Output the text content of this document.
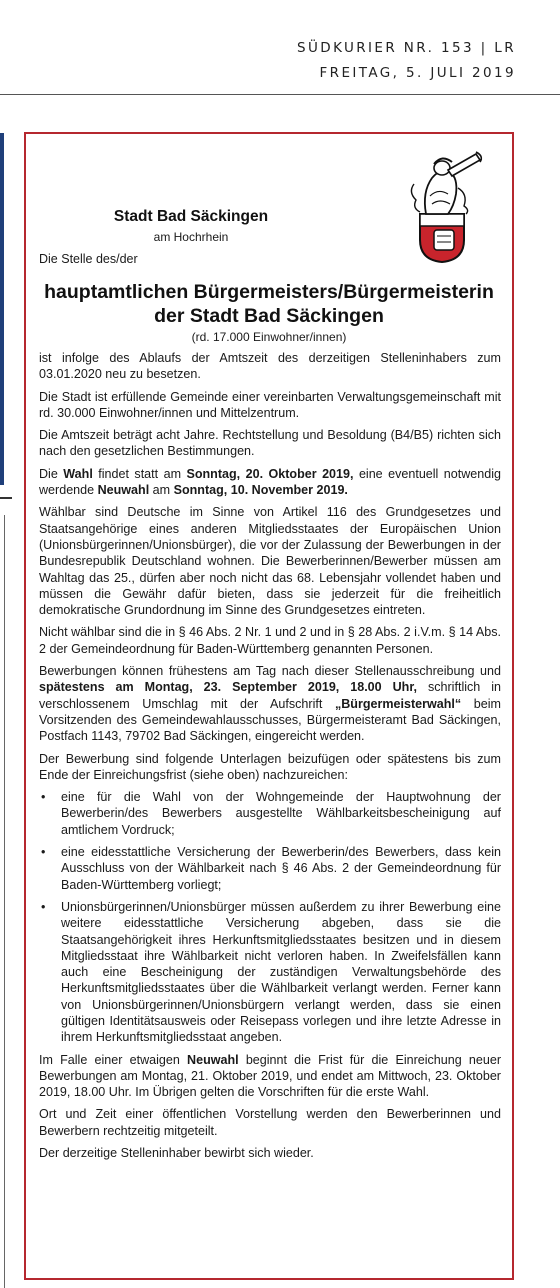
SÜDKURIER NR. 153 | LR
FREITAG, 5. JULI 2019
Stadt Bad Säckingen
am Hochrhein
Die Stelle des/der
hauptamtlichen Bürgermeisters/Bürgermeisterin
der Stadt Bad Säckingen
(rd. 17.000 Einwohner/innen)

ist infolge des Ablaufs der Amtszeit des derzeitigen Stelleninhabers zum 03.01.2020 neu zu besetzen.

Die Stadt ist erfüllende Gemeinde einer vereinbarten Verwaltungsgemeinschaft mit rd. 30.000 Einwohner/innen und Mittelzentrum.

Die Amtszeit beträgt acht Jahre. Rechtstellung und Besoldung (B4/B5) richten sich nach den gesetzlichen Bestimmungen.

Die Wahl findet statt am Sonntag, 20. Oktober 2019, eine eventuell notwendig werdende Neuwahl am Sonntag, 10. November 2019.

Wählbar sind Deutsche im Sinne von Artikel 116 des Grundgesetzes und Staatsangehörige eines anderen Mitgliedsstaates der Europäischen Union (Unionsbürgerinnen/Unionsbürger), die vor der Zulassung der Bewerbungen in der Bundesrepublik Deutschland wohnen. Die Bewerberinnen/Bewerber müssen am Wahltag das 25., dürfen aber noch nicht das 68. Lebensjahr vollendet haben und müssen die Gewähr dafür bieten, dass sie jederzeit für die freiheitlich demokratische Grundordnung im Sinne des Grundgesetzes eintreten.

Nicht wählbar sind die in § 46 Abs. 2 Nr. 1 und 2 und in § 28 Abs. 2 i.V.m. § 14 Abs. 2 der Gemeindeordnung für Baden-Württemberg genannten Personen.

Bewerbungen können frühestens am Tag nach dieser Stellenausschreibung und spätestens am Montag, 23. September 2019, 18.00 Uhr, schriftlich in verschlossenem Umschlag mit der Aufschrift „Bürgermeisterwahl“ beim Vorsitzenden des Gemeindewahlausschusses, Bürgermeisteramt Bad Säckingen, Postfach 1143, 79702 Bad Säckingen, eingereicht werden.

Der Bewerbung sind folgende Unterlagen beizufügen oder spätestens bis zum Ende der Einreichungsfrist (siehe oben) nachzureichen:

• eine für die Wahl von der Wohngemeinde der Hauptwohnung der Bewerberin/des Bewerbers ausgestellte Wählbarkeitsbescheinigung auf amtlichem Vordruck;
• eine eidesstattliche Versicherung der Bewerberin/des Bewerbers, dass kein Ausschluss von der Wählbarkeit nach § 46 Abs. 2 der Gemeindeordnung für Baden-Württemberg vorliegt;
• Unionsbürgerinnen/Unionsbürger müssen außerdem zu ihrer Bewerbung eine weitere eidesstattliche Versicherung abgeben, dass sie die Staatsangehörigkeit ihres Herkunftsmitgliedsstaates besitzen und in diesem Mitgliedsstaat ihre Wählbarkeit nicht verloren haben. In Zweifelsfällen kann auch eine Bescheinigung der zuständigen Verwaltungsbehörde des Herkunftsmitgliedsstaates über die Wählbarkeit verlangt werden. Ferner kann von Unionsbürgerinnen/Unionsbürgern verlangt werden, dass sie einen gültigen Identitätsausweis oder Reisepass vorlegen und ihre letzte Adresse in ihrem Herkunftsmitgliedsstaat angeben.

Im Falle einer etwaigen Neuwahl beginnt die Frist für die Einreichung neuer Bewerbungen am Montag, 21. Oktober 2019, und endet am Mittwoch, 23. Oktober 2019, 18.00 Uhr. Im Übrigen gelten die Vorschriften für die erste Wahl.

Ort und Zeit einer öffentlichen Vorstellung werden den Bewerberinnen und Bewerbern rechtzeitig mitgeteilt.

Der derzeitige Stelleninhaber bewirbt sich wieder.
